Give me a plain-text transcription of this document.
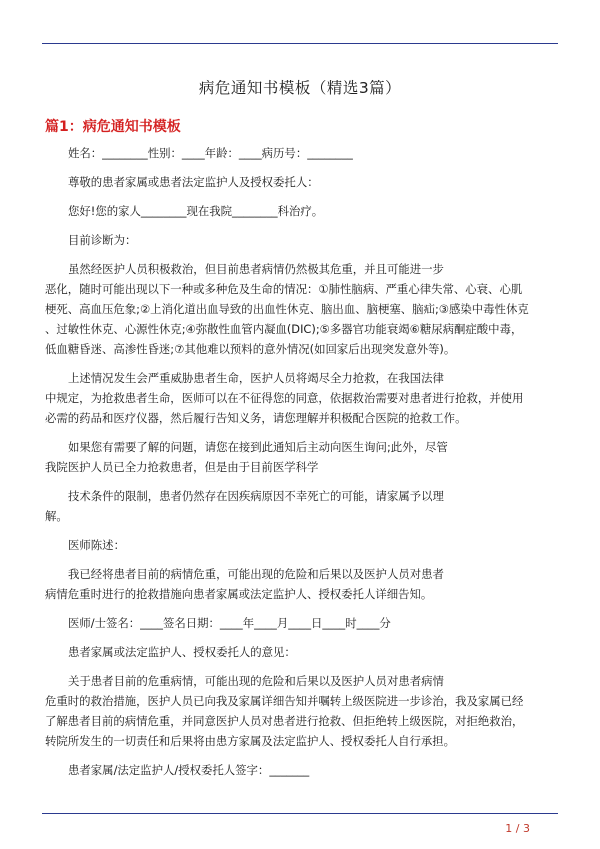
病危通知书模板（精选3篇）
篇1：病危通知书模板
姓名：________性别：____年龄：____病历号：________
尊敬的患者家属或患者法定监护人及授权委托人：
您好!您的家人________现在我院________科治疗。
目前诊断为：
虽然经医护人员积极救治，但目前患者病情仍然极其危重，并且可能进一步
恶化，随时可能出现以下一种或多种危及生命的情况：①肺性脑病、严重心律失常、心衰、心肌
梗死、高血压危象;②上消化道出血导致的出血性休克、脑出血、脑梗塞、脑疝;③感染中毒性休克
、过敏性休克、心源性休克;④弥散性血管内凝血(DIC);⑤多器官功能衰竭⑥糖尿病酮症酸中毒，
低血糖昏迷、高渗性昏迷;⑦其他难以预料的意外情况(如回家后出现突发意外等)。
上述情况发生会严重威胁患者生命，医护人员将竭尽全力抢救，在我国法律
中规定，为抢救患者生命，医师可以在不征得您的同意，依据救治需要对患者进行抢救，并使用
必需的药品和医疗仪器，然后履行告知义务，请您理解并积极配合医院的抢救工作。
如果您有需要了解的问题，请您在接到此通知后主动向医生询问;此外，尽管
我院医护人员已全力抢救患者，但是由于目前医学科学
技术条件的限制，患者仍然存在因疾病原因不幸死亡的可能，请家属予以理
解。
医师陈述：
我已经将患者目前的病情危重，可能出现的危险和后果以及医护人员对患者
病情危重时进行的抢救措施向患者家属或法定监护人、授权委托人详细告知。
医师/士签名：____签名日期：____年____月____日____时____分
患者家属或法定监护人、授权委托人的意见：
关于患者目前的危重病情，可能出现的危险和后果以及医护人员对患者病情
危重时的救治措施，医护人员已向我及家属详细告知并嘱转上级医院进一步诊治，我及家属已经
了解患者目前的病情危重，并同意医护人员对患者进行抢救、但拒绝转上级医院，对拒绝救治，
转院所发生的一切责任和后果将由患方家属及法定监护人、授权委托人自行承担。
患者家属/法定监护人/授权委托人签字：_______
1 / 3
